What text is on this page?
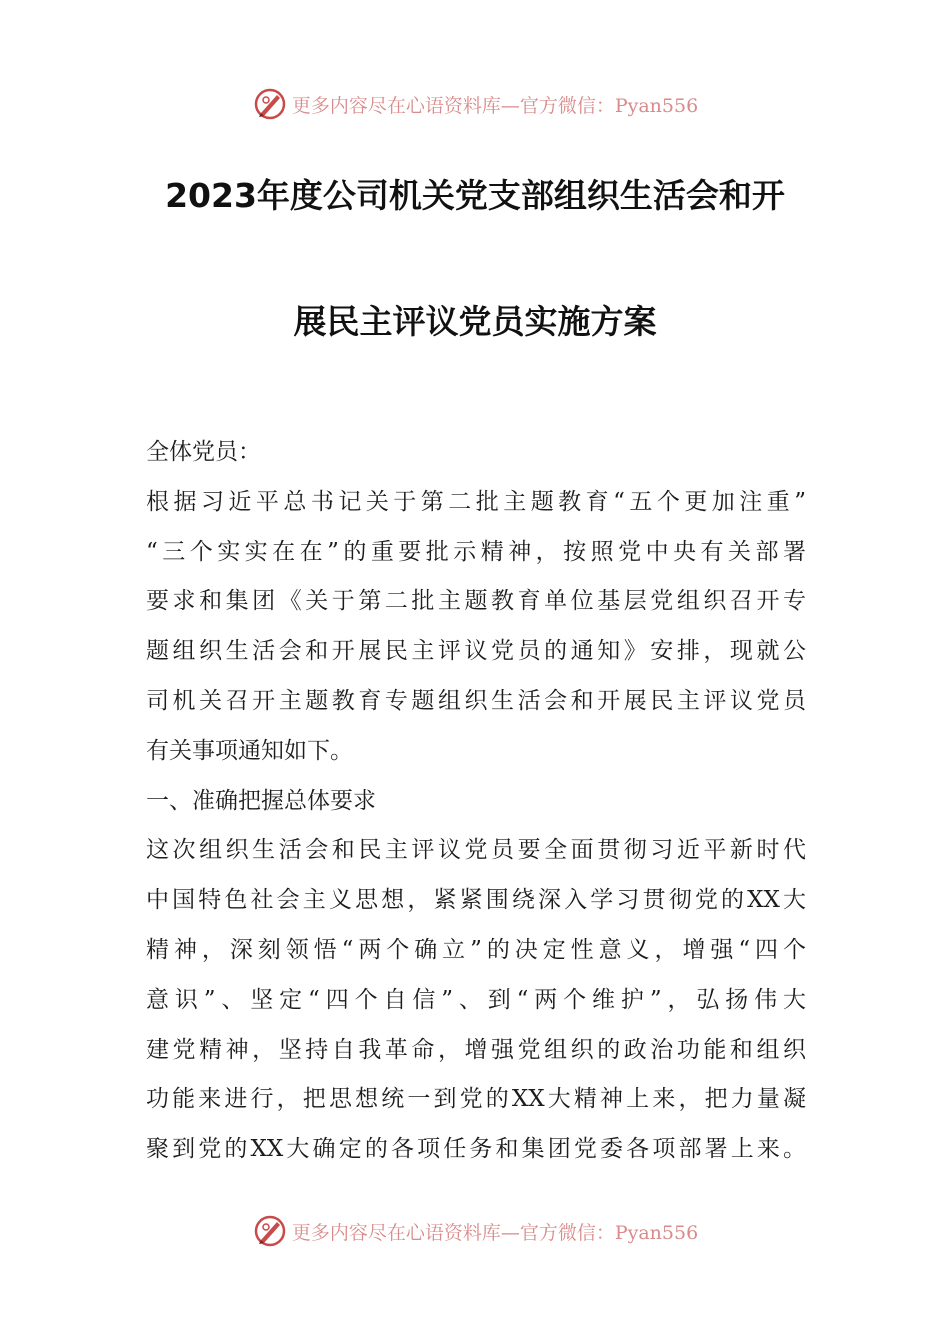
更多内容尽在心语资料库—官方微信：Pyan556
2023年度公司机关党支部组织生活会和开
展民主评议党员实施方案
全体党员：
根据习近平总书记关于第二批主题教育“五个更加注重”
“三个实实在在”的重要批示精神，按照党中央有关部署
要求和集团《关于第二批主题教育单位基层党组织召开专
题组织生活会和开展民主评议党员的通知》安排，现就公
司机关召开主题教育专题组织生活会和开展民主评议党员
有关事项通知如下。
一、准确把握总体要求
这次组织生活会和民主评议党员要全面贯彻习近平新时代
中国特色社会主义思想，紧紧围绕深入学习贯彻党的XX大
精神，深刻领悟“两个确立”的决定性意义，增强“四个
意识”、坚定“四个自信”、到“两个维护”，弘扬伟大
建党精神，坚持自我革命，增强党组织的政治功能和组织
功能来进行，把思想统一到党的XX大精神上来，把力量凝
聚到党的XX大确定的各项任务和集团党委各项部署上来。
更多内容尽在心语资料库—官方微信：Pyan556
